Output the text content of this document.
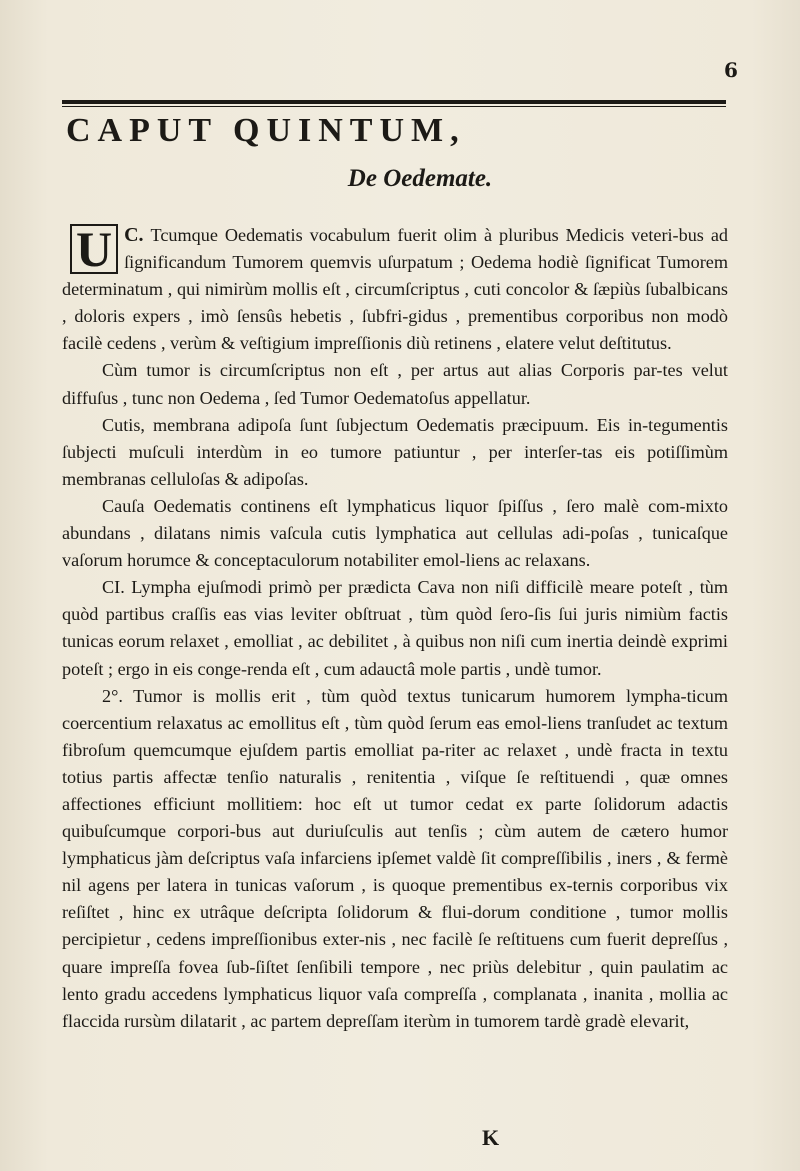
6
CAPUT QUINTUM,
De Oedemate.

C.
U	Tcumque Oedematis vocabulum fuerit olim à pluribus Medicis veteri-bus ad ſignificandum Tumorem quemvis uſurpatum ; Oedema hodiè ſignificat Tumorem determinatum , qui nimirùm mollis eſt , circumſcriptus , cuti concolor & ſæpiùs ſubalbicans , doloris expers , imò ſensûs hebetis , ſubfri-gidus , prementibus corporibus non modò facilè cedens , verùm & veſtigium impreſſionis diù retinens , elatere velut deſtitutus.

Cùm tumor is circumſcriptus non eſt , per artus aut alias Corporis par-tes velut diffuſus , tunc non Oedema , ſed Tumor Oedematoſus appellatur.

Cutis, membrana adipoſa ſunt ſubjectum Oedematis præcipuum. Eis in-tegumentis ſubjecti muſculi interdùm in eo tumore patiuntur , per interſer-tas eis potiſſimùm membranas celluloſas & adipoſas.

Cauſa Oedematis continens eſt lymphaticus liquor ſpiſſus , ſero malè com-mixto abundans , dilatans nimis vaſcula cutis lymphatica aut cellulas adi-poſas , tunicaſque vaſorum horumce & conceptaculorum notabiliter emol-liens ac relaxans.

CI. Lympha ejuſmodi primò per prædicta Cava non niſi difficilè meare poteſt , tùm quòd partibus craſſis eas vias leviter obſtruat , tùm quòd ſero-ſis ſui juris nimiùm factis tunicas eorum relaxet , emolliat , ac debilitet , à quibus non niſi cum inertia deindè exprimi poteſt ; ergo in eis conge-renda eſt , cum adauctâ mole partis , undè tumor.

2°. Tumor is mollis erit , tùm quòd textus tunicarum humorem lympha-ticum coercentium relaxatus ac emollitus eſt , tùm quòd ſerum eas emol-liens tranſudet ac textum fibroſum quemcumque ejuſdem partis emolliat pa-riter ac relaxet , undè fracta in textu totius partis affectæ tenſio naturalis , renitentia , viſque ſe reſtituendi , quæ omnes affectiones efficiunt mollitiem: hoc eſt ut tumor cedat ex parte ſolidorum adactis quibuſcumque corpori-bus aut duriuſculis aut tenſis ; cùm autem de cætero humor lymphaticus jàm deſcriptus vaſa infarciens ipſemet valdè ſit compreſſibilis , iners , & fermè nil agens per latera in tunicas vaſorum , is quoque prementibus ex-ternis corporibus vix reſiſtet , hinc ex utrâque deſcripta ſolidorum & flui-dorum conditione , tumor mollis percipietur , cedens impreſſionibus exter-nis , nec facilè ſe reſtituens cum fuerit depreſſus , quare impreſſa fovea ſub-ſiſtet ſenſibili tempore , nec priùs delebitur , quin paulatim ac lento gradu accedens lymphaticus liquor vaſa compreſſa , complanata , inanita , mollia ac flaccida rursùm dilatarit , ac partem depreſſam iterùm in tumorem tardè gradè elevarit,

K
